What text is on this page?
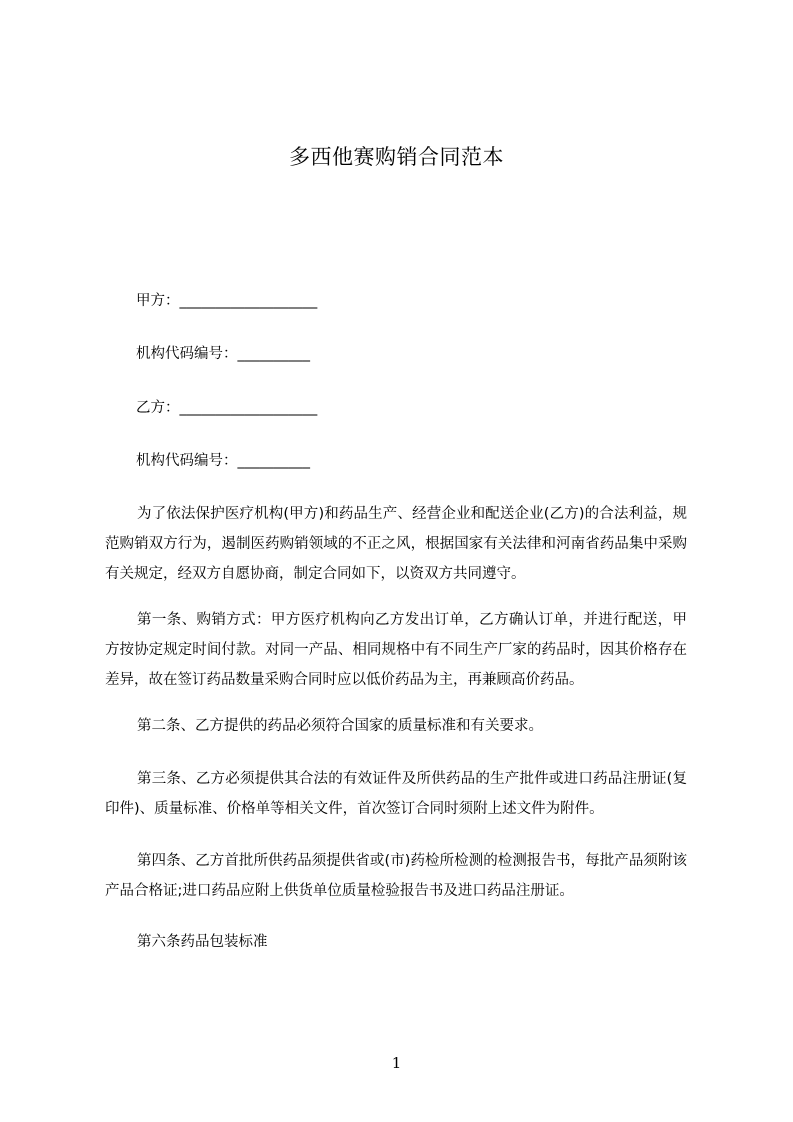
多西他赛购销合同范本
甲方：___________________
机构代码编号：__________
乙方：___________________
机构代码编号：__________
为了依法保护医疗机构(甲方)和药品生产、经营企业和配送企业(乙方)的合法利益，规范购销双方行为，遏制医药购销领域的不正之风，根据国家有关法律和河南省药品集中采购有关规定，经双方自愿协商，制定合同如下，以资双方共同遵守。
第一条、购销方式：甲方医疗机构向乙方发出订单，乙方确认订单，并进行配送，甲方按协定规定时间付款。对同一产品、相同规格中有不同生产厂家的药品时，因其价格存在差异，故在签订药品数量采购合同时应以低价药品为主，再兼顾高价药品。
第二条、乙方提供的药品必须符合国家的质量标准和有关要求。
第三条、乙方必须提供其合法的有效证件及所供药品的生产批件或进口药品注册证(复印件)、质量标准、价格单等相关文件，首次签订合同时须附上述文件为附件。
第四条、乙方首批所供药品须提供省或(市)药检所检测的检测报告书，每批产品须附该产品合格证;进口药品应附上供货单位质量检验报告书及进口药品注册证。
第六条药品包装标准
1
